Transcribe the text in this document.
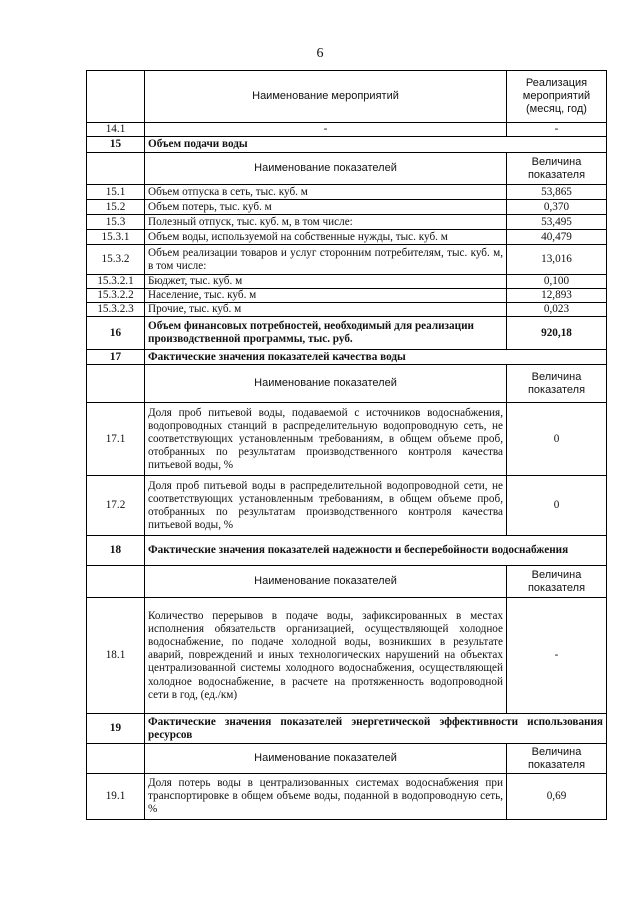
6
	Наименование мероприятий	Реализация мероприятий (месяц, год)
14.1	-	-
15	Объем подачи воды	
	Наименование показателей	Величина показателя
15.1	Объем отпуска в сеть, тыс. куб. м	53,865
15.2	Объем потерь, тыс. куб. м	0,370
15.3	Полезный отпуск, тыс. куб. м, в том числе:	53,495
15.3.1	Объем воды, используемой на собственные нужды, тыс. куб. м	40,479
15.3.2	Объем реализации товаров и услуг сторонним потребителям, тыс. куб. м, в том числе:	13,016
15.3.2.1	Бюджет, тыс. куб. м	0,100
15.3.2.2	Население, тыс. куб. м	12,893
15.3.2.3	Прочие, тыс. куб. м	0,023
16	Объем финансовых потребностей, необходимый для реализации производственной программы, тыс. руб.	920,18
17	Фактические значения показателей качества воды	
	Наименование показателей	Величина показателя
17.1	Доля проб питьевой воды, подаваемой с источников водоснабжения, водопроводных станций в распределительную водопроводную сеть, не соответствующих установленным требованиям, в общем объеме проб, отобранных по результатам производственного контроля качества питьевой воды, %	0
17.2	Доля проб питьевой воды в распределительной водопроводной сети, не соответствующих установленным требованиям, в общем объеме проб, отобранных по результатам производственного контроля качества питьевой воды, %	0
18	Фактические значения показателей надежности и бесперебойности водоснабжения	
	Наименование показателей	Величина показателя
18.1	Количество перерывов в подаче воды, зафиксированных в местах исполнения обязательств организацией, осуществляющей холодное водоснабжение, по подаче холодной воды, возникших в результате аварий, повреждений и иных технологических нарушений на объектах централизованной системы холодного водоснабжения, осуществляющей холодное водоснабжение, в расчете на протяженность водопроводной сети в год, (ед./км)	-
19	Фактические значения показателей энергетической эффективности использования ресурсов	
	Наименование показателей	Величина показателя
19.1	Доля потерь воды в централизованных системах водоснабжения при транспортировке в общем объеме воды, поданной в водопроводную сеть, %	0,69
